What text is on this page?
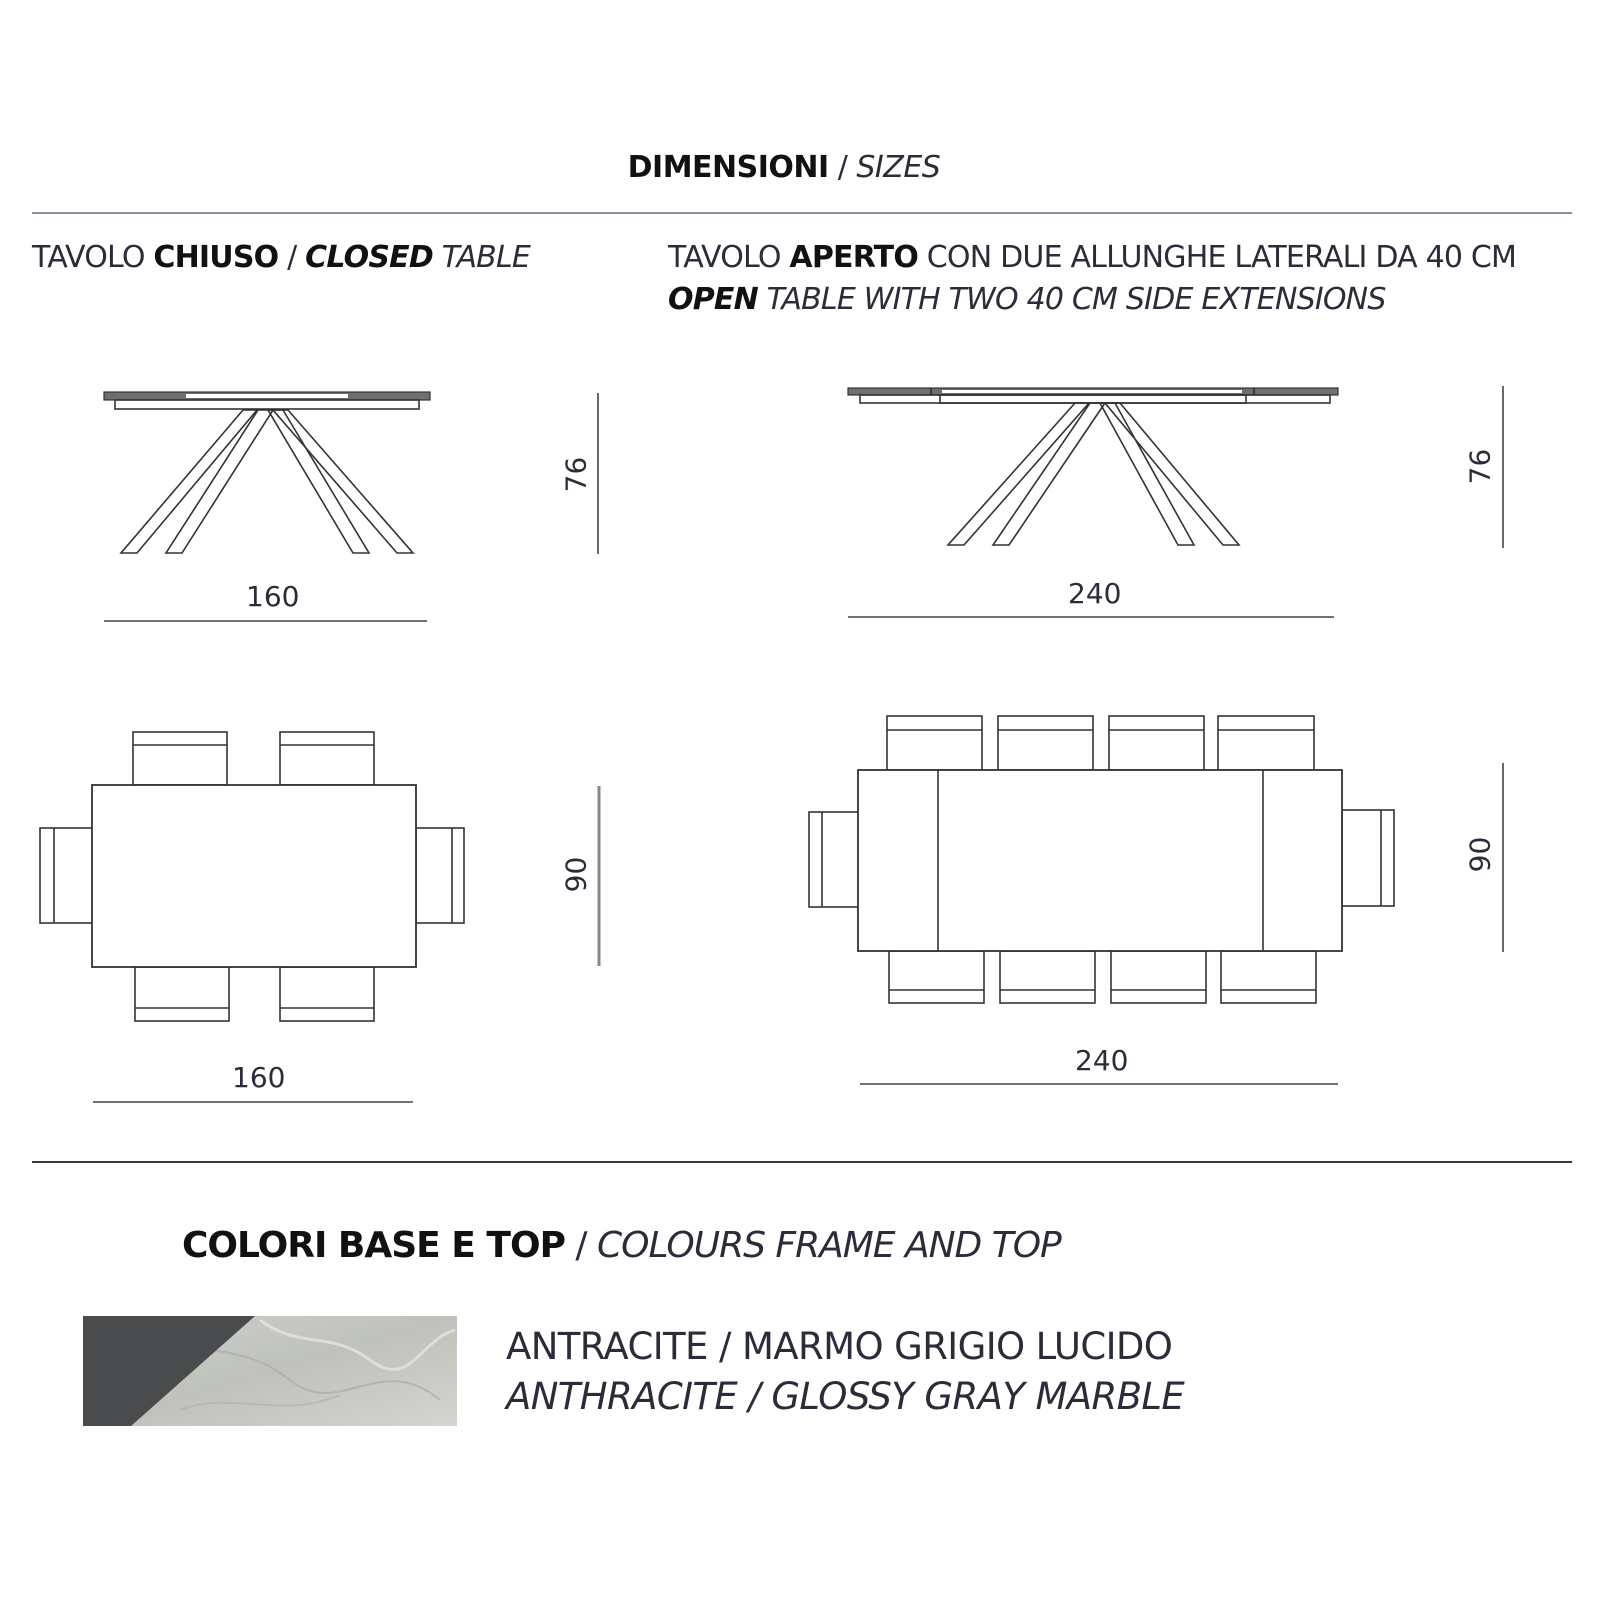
DIMENSIONI / SIZES
TAVOLO CHIUSO / CLOSED TABLE	TAVOLO APERTO CON DUE ALLUNGHE LATERALI DA 40 CM
OPEN TABLE WITH TWO 40 CM SIDE EXTENSIONS
160
76
240
76
160
90
240
90
COLORI BASE E TOP / COLOURS FRAME AND TOP
ANTRACITE / MARMO GRIGIO LUCIDO
ANTHRACITE / GLOSSY GRAY MARBLE
